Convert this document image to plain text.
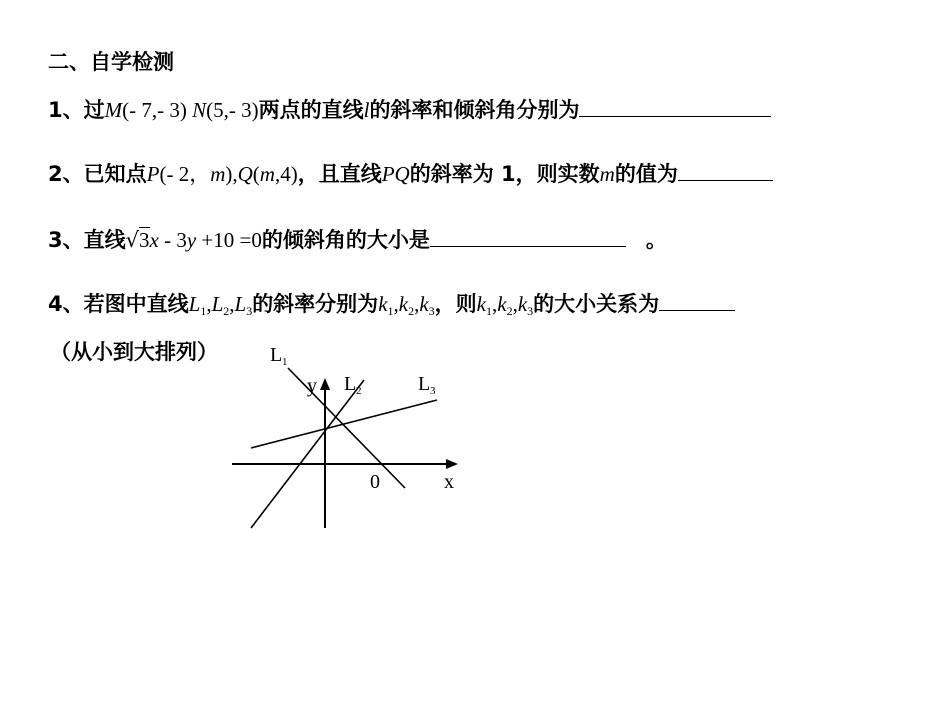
二、自学检测
1、过M(- 7,- 3) N(5,- 3)两点的直线l的斜率和倾斜角分别为
2、已知点P(- 2，m),Q(m,4)，且直线PQ的斜率为 1，则实数m的值为
3、直线√3x - 3y +10 =0的倾斜角的大小是	。
4、若图中直线$L_1,L_2,L_3$的斜率分别为$k_1,k_2,k_3$，则$k_1,k_2,k_3$的大小关系为
（从小到大排列）	L 1
y L 2	L 3
0	x
